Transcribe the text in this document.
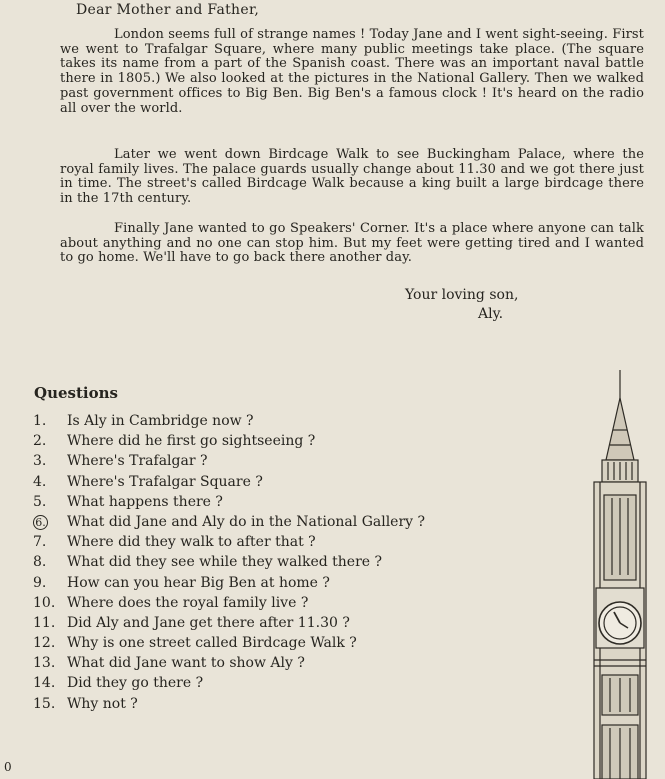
Dear Mother and Father,

London seems full of strange names ! Today Jane and I went sight-seeing. First we went to Trafalgar Square, where many public meetings take place. (The square takes its name from a part of the Spanish coast. There was an important naval battle there in 1805.) We also looked at the pictures in the National Gallery. Then we walked past government offices to Big Ben. Big Ben's a famous clock ! It's heard on the radio all over the world.

Later we went down Birdcage Walk to see Buckingham Palace, where the royal family lives. The palace guards usually change about 11.30 and we got there just in time. The street's called Birdcage Walk because a king built a large birdcage there in the 17th century.

Finally Jane wanted to go Speakers' Corner. It's a place where anyone can talk about anything and no one can stop him. But my feet were getting tired and I wanted to go home. We'll have to go back there another day.

Your loving son,
Aly.
Questions
1. Is Aly in Cambridge now ?
2. Where did he first go sightseeing ?
3. Where's Trafalgar ?
4. Where's Trafalgar Square ?
5. What happens there ?
6. What did Jane and Aly do in the National Gallery ?
7. Where did they walk to after that ?
8. What did they see while they walked there ?
9. How can you hear Big Ben at home ?
10. Where does the royal family live ?
11. Did Aly and Jane get there after 11.30 ?
12. Why is one street called Birdcage Walk ?
13. What did Jane want to show Aly ?
14. Did they go there ?
15. Why not ?
0
